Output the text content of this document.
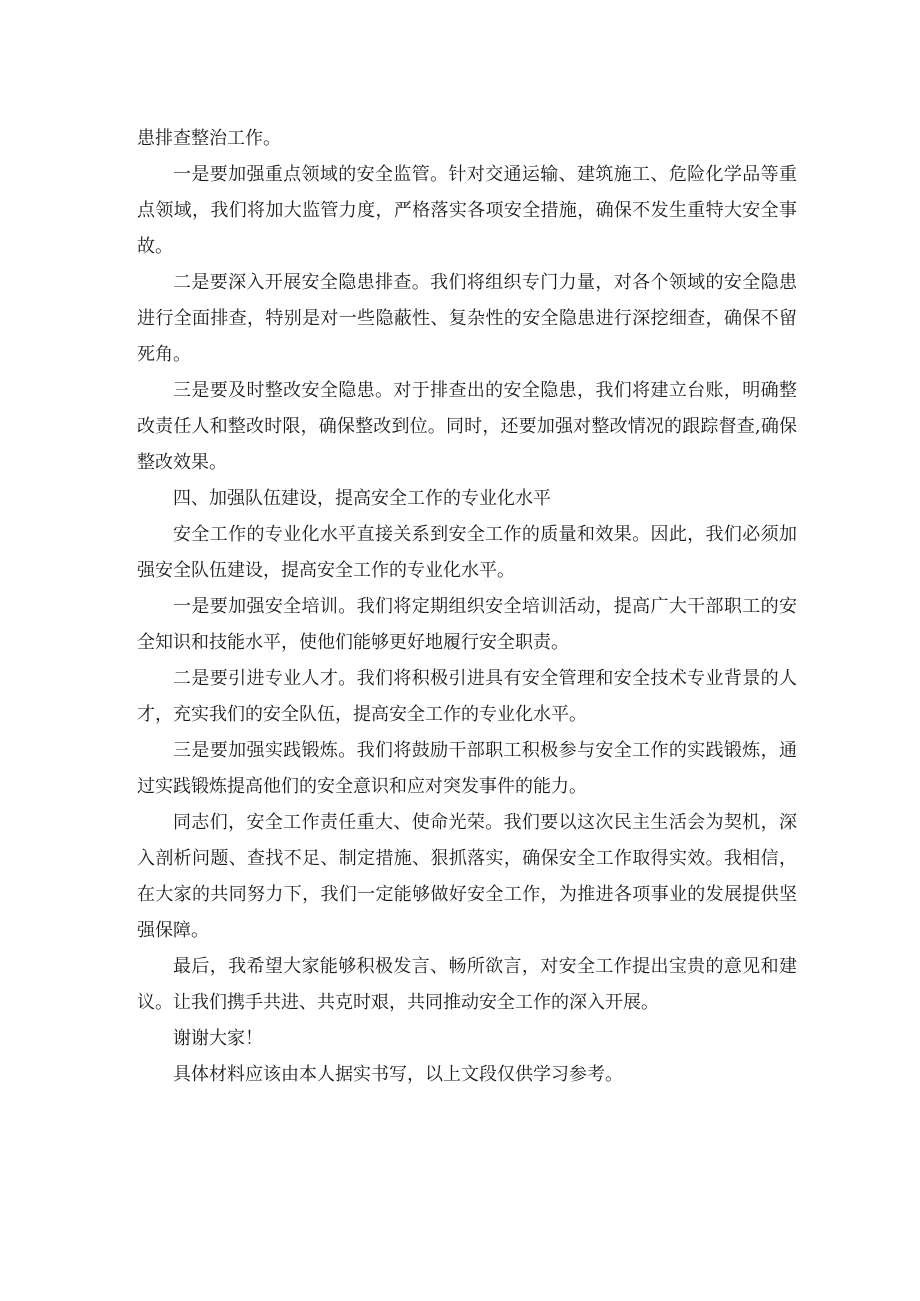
患排查整治工作。

一是要加强重点领域的安全监管。针对交通运输、建筑施工、危险化学品等重点领域，我们将加大监管力度，严格落实各项安全措施，确保不发生重特大安全事故。

二是要深入开展安全隐患排查。我们将组织专门力量，对各个领域的安全隐患进行全面排查，特别是对一些隐蔽性、复杂性的安全隐患进行深挖细查，确保不留死角。

三是要及时整改安全隐患。对于排查出的安全隐患，我们将建立台账，明确整改责任人和整改时限，确保整改到位。同时，还要加强对整改情况的跟踪督查,确保整改效果。

四、加强队伍建设，提高安全工作的专业化水平

安全工作的专业化水平直接关系到安全工作的质量和效果。因此，我们必须加强安全队伍建设，提高安全工作的专业化水平。

一是要加强安全培训。我们将定期组织安全培训活动，提高广大干部职工的安全知识和技能水平，使他们能够更好地履行安全职责。

二是要引进专业人才。我们将积极引进具有安全管理和安全技术专业背景的人才，充实我们的安全队伍，提高安全工作的专业化水平。

三是要加强实践锻炼。我们将鼓励干部职工积极参与安全工作的实践锻炼，通过实践锻炼提高他们的安全意识和应对突发事件的能力。

同志们，安全工作责任重大、使命光荣。我们要以这次民主生活会为契机，深入剖析问题、查找不足、制定措施、狠抓落实，确保安全工作取得实效。我相信，在大家的共同努力下，我们一定能够做好安全工作，为推进各项事业的发展提供坚强保障。

最后，我希望大家能够积极发言、畅所欲言，对安全工作提出宝贵的意见和建议。让我们携手共进、共克时艰，共同推动安全工作的深入开展。

谢谢大家！

具体材料应该由本人据实书写，以上文段仅供学习参考。
